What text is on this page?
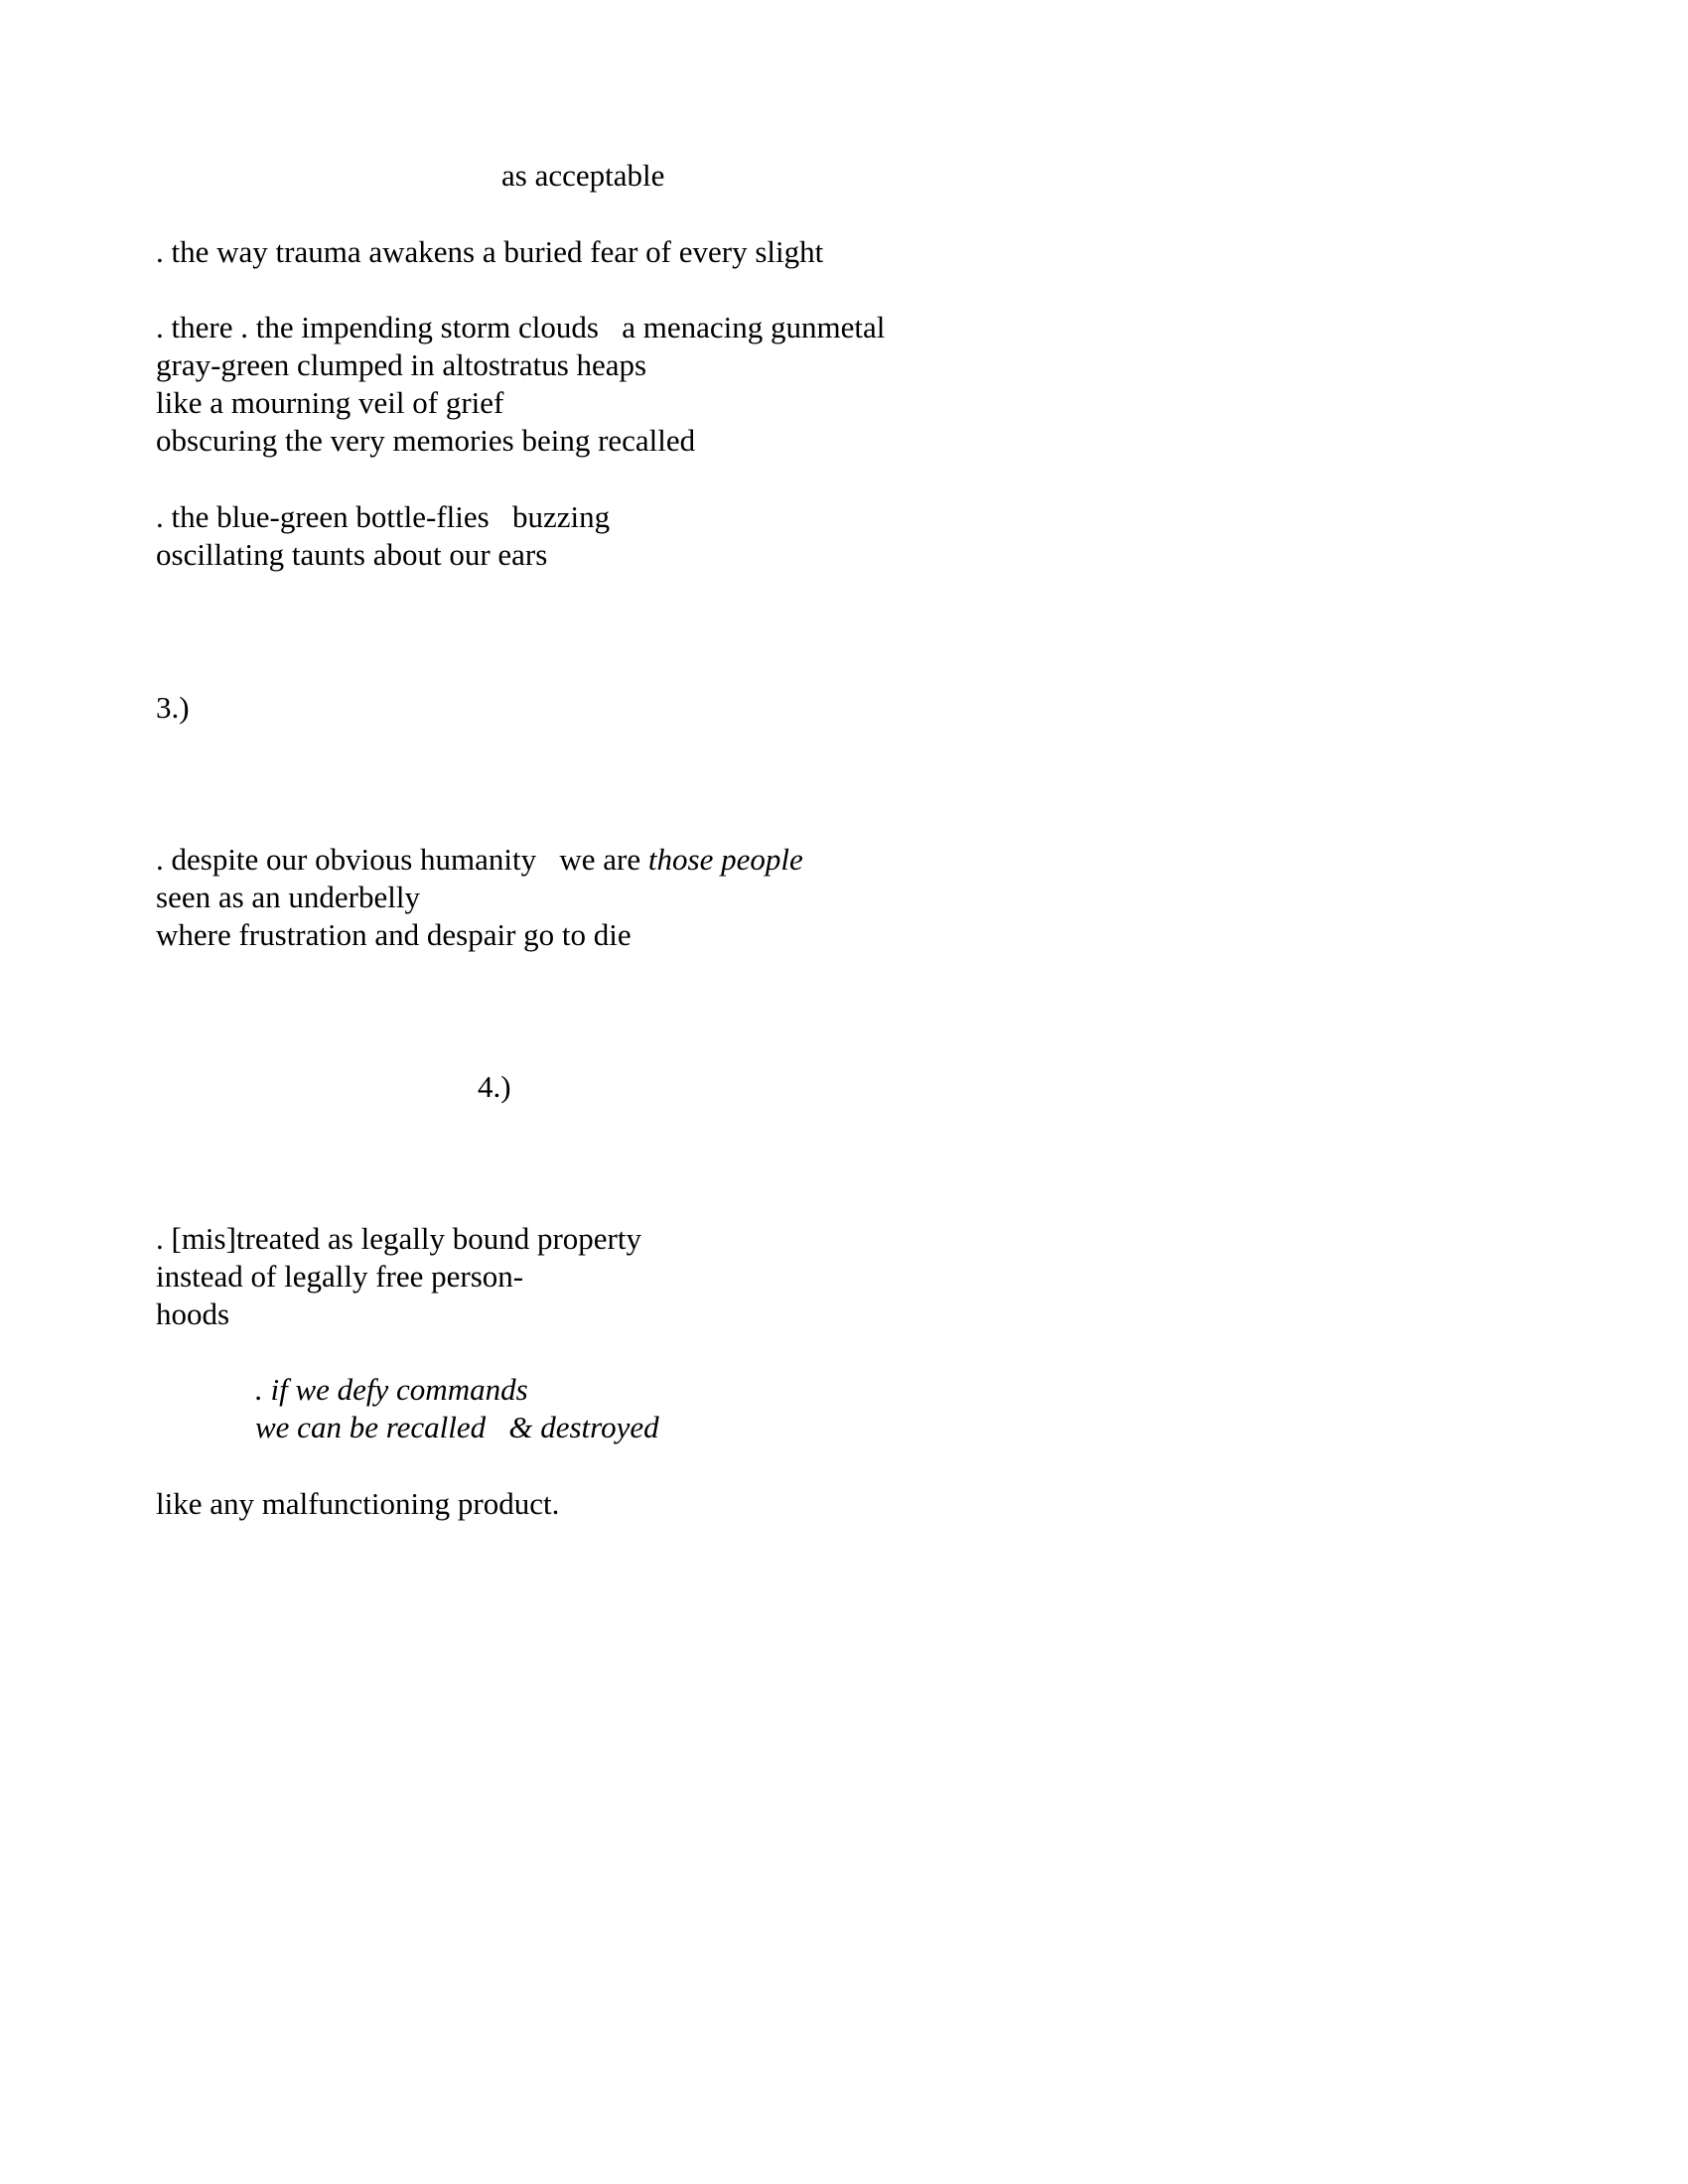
as acceptable
. the way trauma awakens a buried fear of every slight
. there . the impending storm clouds   a menacing gunmetal
gray-green clumped in altostratus heaps
like a mourning veil of grief
obscuring the very memories being recalled
. the blue-green bottle-flies   buzzing
oscillating taunts about our ears
3.)
. despite our obvious humanity   we are those people
seen as an underbelly
where frustration and despair go to die
4.)
. [mis]treated as legally bound property
instead of legally free person-
hoods
. if we defy commands
we can be recalled   & destroyed
like any malfunctioning product.
